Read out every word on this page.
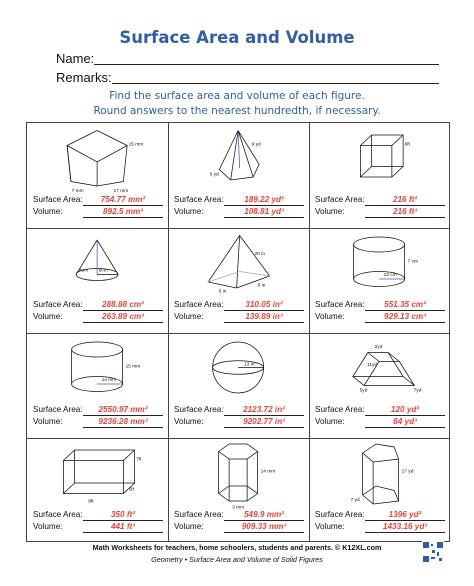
Surface Area and Volume
Name:
Remarks:
Find the surface area and volume of each figure.
Round answers to the nearest hundredth, if necessary.
15 mm
7 mm	17 mm
Surface Area:	754.77 mm²
Volume:	892.5 mm³
9 yd
6 yd
Surface Area:	189.22 yd²
Volume:	108.81 yd³
6ft
Surface Area:	216 ft²
Volume:	216 ft³
4cm 6cm
Surface Area:	288.88 cm²
Volume:	263.89 cm³
20 in
5 in
5 in
Surface Area:	310.05 in²
Volume:	139.89 in³
7 cm
13 cm
Surface Area:	551.35 cm²
Volume:	929.13 cm³
15 mm
14 mm
Surface Area:	2550.97 mm²
Volume:	9236.28 mm³
13 in
Surface Area:	2123.72 in²
Volume:	9202.77 in³
2yd
11yd
5yd	7yd
Surface Area:	120 yd²
Volume:	84 yd³
7ft
5ft
9ft
Surface Area:	350 ft²
Volume:	441 ft³
14 mm
3 mm
Surface Area:	549.9 mm²
Volume:	909.33 mm³
17 yd
7 yd
Surface Area:	1396 yd²
Volume:	1433.16 yd³
Math Worksheets for teachers, home schoolers, students and parents. © K12XL.com
Geometry • Surface Area and Volume of Solid Figures
